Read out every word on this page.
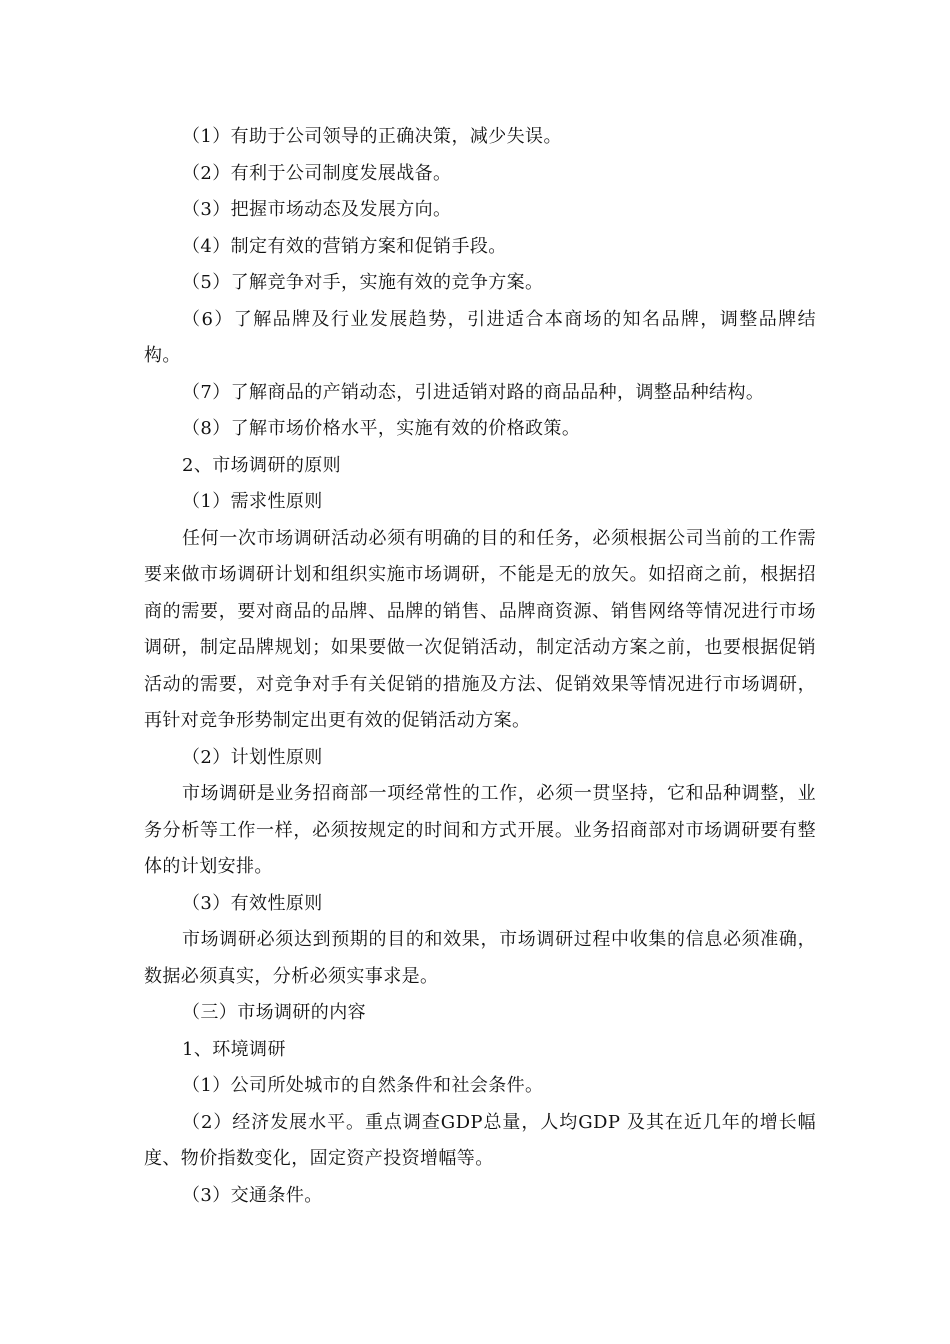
（1）有助于公司领导的正确决策，减少失误。

（2）有利于公司制度发展战备。

（3）把握市场动态及发展方向。

（4）制定有效的营销方案和促销手段。

（5）了解竞争对手，实施有效的竞争方案。

（6）了解品牌及行业发展趋势，引进适合本商场的知名品牌，调整品牌结构。

（7）了解商品的产销动态，引进适销对路的商品品种，调整品种结构。

（8）了解市场价格水平，实施有效的价格政策。

2、市场调研的原则

（1）需求性原则

任何一次市场调研活动必须有明确的目的和任务，必须根据公司当前的工作需要来做市场调研计划和组织实施市场调研，不能是无的放矢。如招商之前，根据招商的需要，要对商品的品牌、品牌的销售、品牌商资源、销售网络等情况进行市场调研，制定品牌规划；如果要做一次促销活动，制定活动方案之前，也要根据促销活动的需要，对竞争对手有关促销的措施及方法、促销效果等情况进行市场调研，再针对竞争形势制定出更有效的促销活动方案。

（2）计划性原则

市场调研是业务招商部一项经常性的工作，必须一贯坚持，它和品种调整，业务分析等工作一样，必须按规定的时间和方式开展。业务招商部对市场调研要有整体的计划安排。

（3）有效性原则

市场调研必须达到预期的目的和效果，市场调研过程中收集的信息必须准确，数据必须真实，分析必须实事求是。

（三）市场调研的内容

1、环境调研

（1）公司所处城市的自然条件和社会条件。

（2）经济发展水平。重点调查GDP总量，人均GDP 及其在近几年的增长幅度、物价指数变化，固定资产投资增幅等。

（3）交通条件。
